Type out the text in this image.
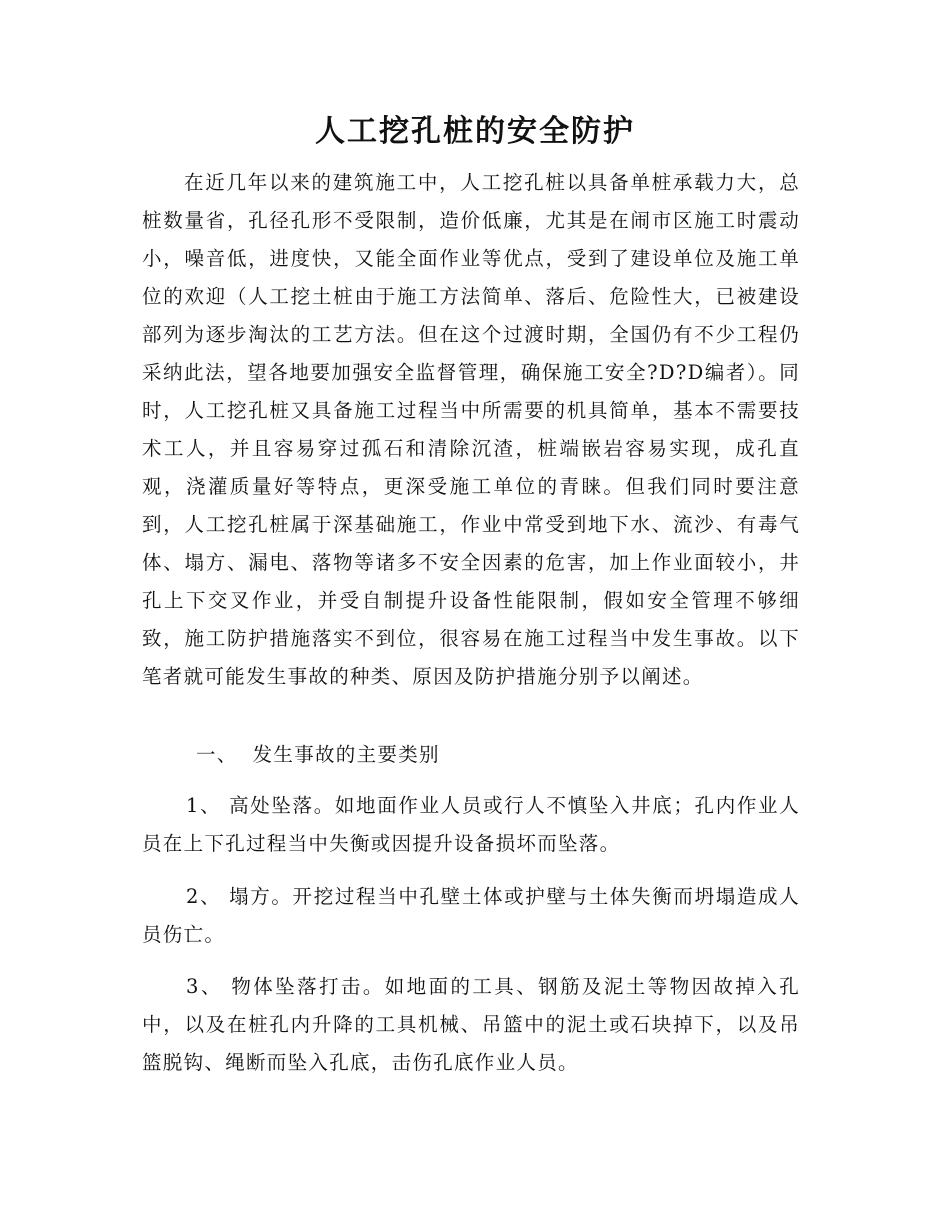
人工挖孔桩的安全防护

在近几年以来的建筑施工中，人工挖孔桩以具备单桩承载力大，总桩数量省，孔径孔形不受限制，造价低廉，尤其是在闹市区施工时震动小，噪音低，进度快，又能全面作业等优点，受到了建设单位及施工单位的欢迎（人工挖土桩由于施工方法简单、落后、危险性大，已被建设部列为逐步淘汰的工艺方法。但在这个过渡时期，全国仍有不少工程仍采纳此法，望各地要加强安全监督管理，确保施工安全?D?D编者）。同时，人工挖孔桩又具备施工过程当中所需要的机具简单，基本不需要技术工人，并且容易穿过孤石和清除沉渣，桩端嵌岩容易实现，成孔直观，浇灌质量好等特点，更深受施工单位的青睐。但我们同时要注意到，人工挖孔桩属于深基础施工，作业中常受到地下水、流沙、有毒气体、塌方、漏电、落物等诸多不安全因素的危害，加上作业面较小，井孔上下交叉作业，并受自制提升设备性能限制，假如安全管理不够细致，施工防护措施落实不到位，很容易在施工过程当中发生事故。以下笔者就可能发生事故的种类、原因及防护措施分别予以阐述。

一、  发生事故的主要类别

1、 高处坠落。如地面作业人员或行人不慎坠入井底；孔内作业人员在上下孔过程当中失衡或因提升设备损坏而坠落。

2、 塌方。开挖过程当中孔壁土体或护壁与土体失衡而坍塌造成人员伤亡。

3、 物体坠落打击。如地面的工具、钢筋及泥土等物因故掉入孔中，以及在桩孔内升降的工具机械、吊篮中的泥土或石块掉下，以及吊篮脱钩、绳断而坠入孔底，击伤孔底作业人员。
